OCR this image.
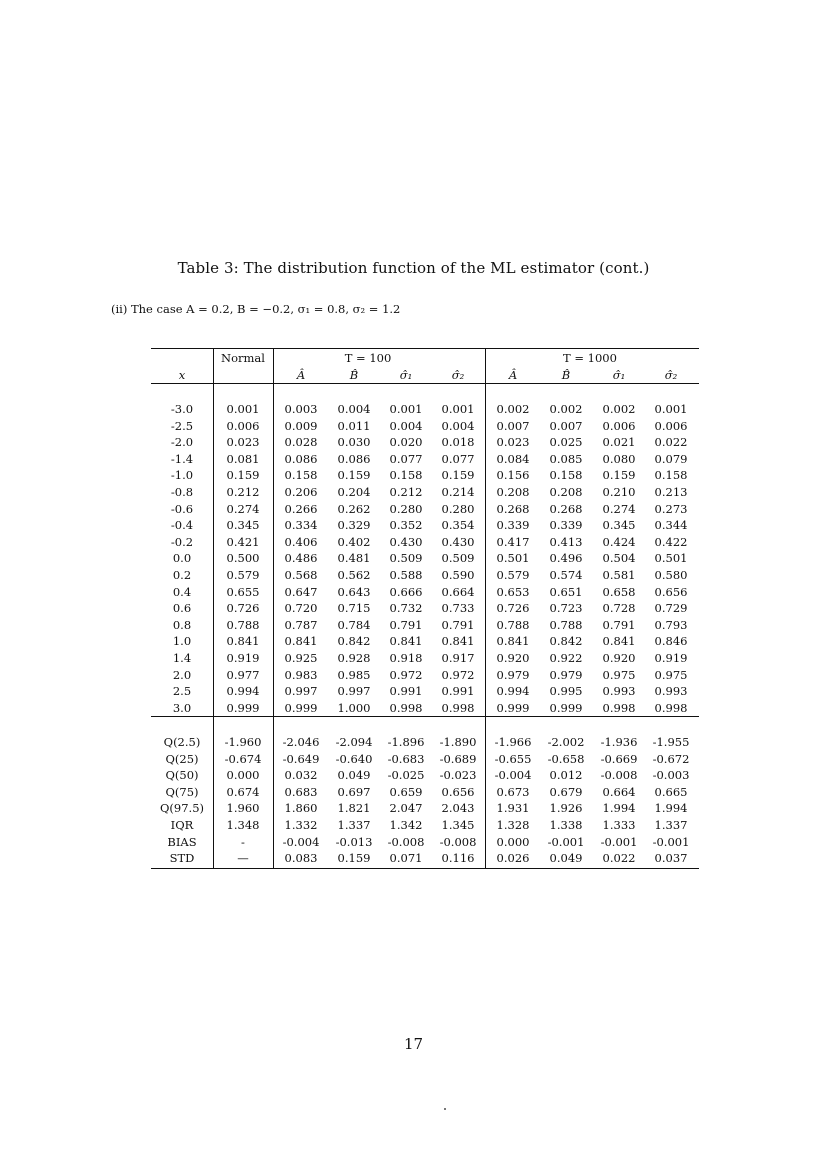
Table 3: The distribution function of the ML estimator (cont.)
(ii) The case A = 0.2, B = −0.2, σ₁ = 0.8, σ₂ = 1.2
Normal	T = 100	T = 1000
x	Â	B̂	σ̂₁	σ̂₂	Â	B̂	σ̂₁	σ̂₂
-3.0	0.001	0.003	0.004	0.001	0.001	0.002	0.002	0.002	0.001
-2.5	0.006	0.009	0.011	0.004	0.004	0.007	0.007	0.006	0.006
-2.0	0.023	0.028	0.030	0.020	0.018	0.023	0.025	0.021	0.022
-1.4	0.081	0.086	0.086	0.077	0.077	0.084	0.085	0.080	0.079
-1.0	0.159	0.158	0.159	0.158	0.159	0.156	0.158	0.159	0.158
-0.8	0.212	0.206	0.204	0.212	0.214	0.208	0.208	0.210	0.213
-0.6	0.274	0.266	0.262	0.280	0.280	0.268	0.268	0.274	0.273
-0.4	0.345	0.334	0.329	0.352	0.354	0.339	0.339	0.345	0.344
-0.2	0.421	0.406	0.402	0.430	0.430	0.417	0.413	0.424	0.422
0.0	0.500	0.486	0.481	0.509	0.509	0.501	0.496	0.504	0.501
0.2	0.579	0.568	0.562	0.588	0.590	0.579	0.574	0.581	0.580
0.4	0.655	0.647	0.643	0.666	0.664	0.653	0.651	0.658	0.656
0.6	0.726	0.720	0.715	0.732	0.733	0.726	0.723	0.728	0.729
0.8	0.788	0.787	0.784	0.791	0.791	0.788	0.788	0.791	0.793
1.0	0.841	0.841	0.842	0.841	0.841	0.841	0.842	0.841	0.846
1.4	0.919	0.925	0.928	0.918	0.917	0.920	0.922	0.920	0.919
2.0	0.977	0.983	0.985	0.972	0.972	0.979	0.979	0.975	0.975
2.5	0.994	0.997	0.997	0.991	0.991	0.994	0.995	0.993	0.993
3.0	0.999	0.999	1.000	0.998	0.998	0.999	0.999	0.998	0.998
Q(2.5)	-1.960	-2.046	-2.094	-1.896	-1.890	-1.966	-2.002	-1.936	-1.955
Q(25)	-0.674	-0.649	-0.640	-0.683	-0.689	-0.655	-0.658	-0.669	-0.672
Q(50)	0.000	0.032	0.049	-0.025	-0.023	-0.004	0.012	-0.008	-0.003
Q(75)	0.674	0.683	0.697	0.659	0.656	0.673	0.679	0.664	0.665
Q(97.5)	1.960	1.860	1.821	2.047	2.043	1.931	1.926	1.994	1.994
IQR	1.348	1.332	1.337	1.342	1.345	1.328	1.338	1.333	1.337
BIAS	-	-0.004	-0.013	-0.008	-0.008	0.000	-0.001	-0.001	-0.001
STD	—	0.083	0.159	0.071	0.116	0.026	0.049	0.022	0.037
17
